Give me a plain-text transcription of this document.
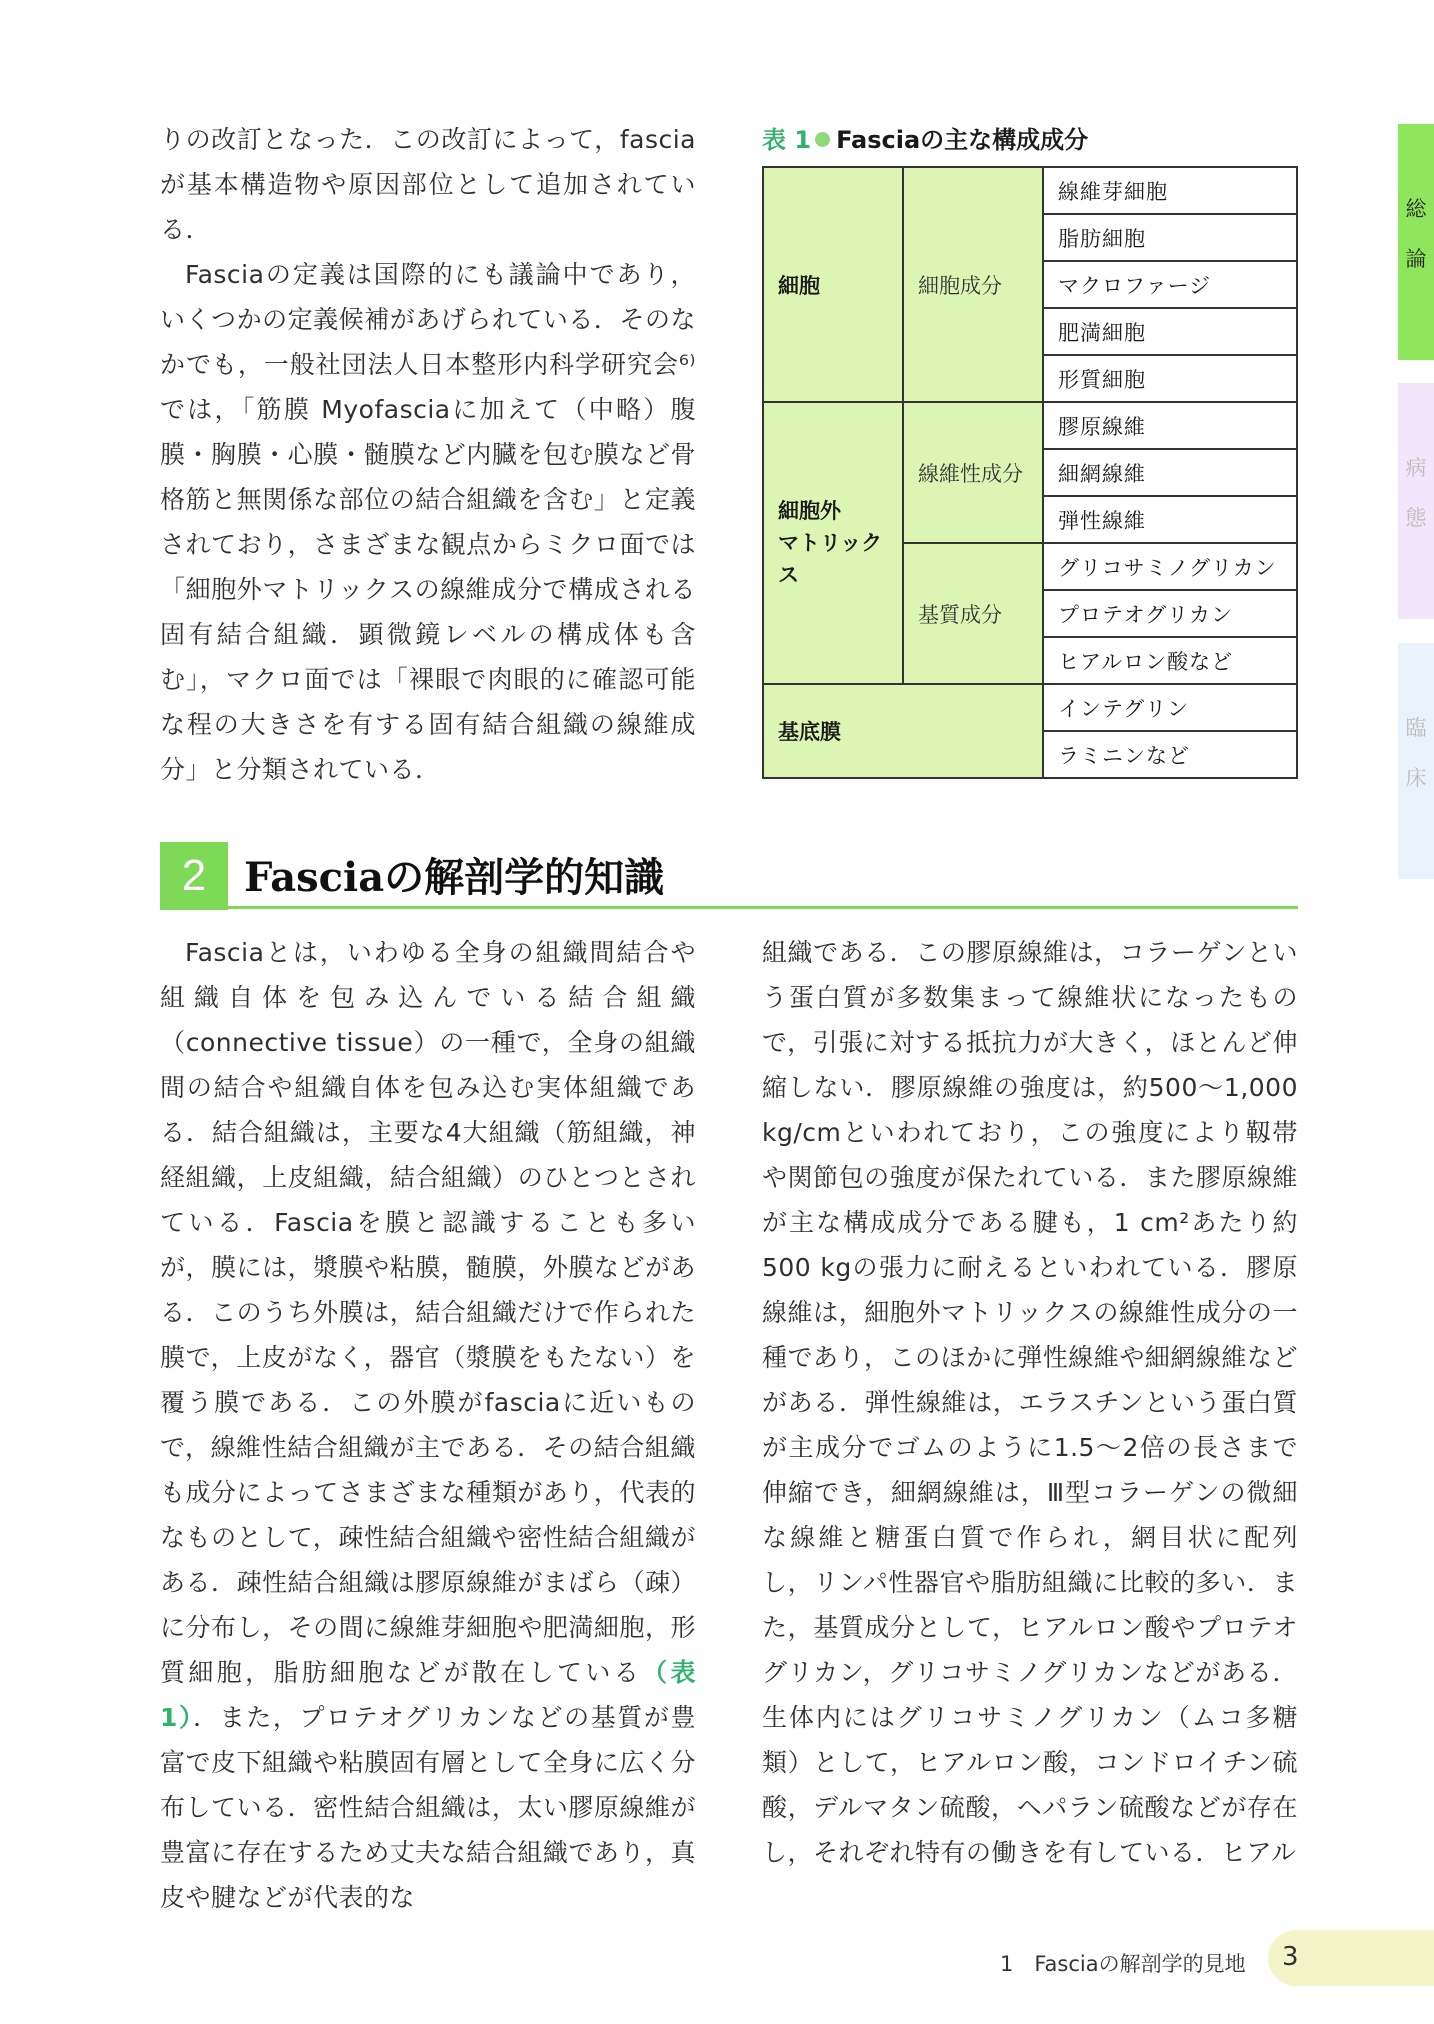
りの改訂となった．この改訂によって，fasciaが基本構造物や原因部位として追加されている．

Fasciaの定義は国際的にも議論中であり，いくつかの定義候補があげられている．そのなかでも，一般社団法人日本整形内科学研究会⁶⁾では，「筋膜 Myofasciaに加えて（中略）腹膜・胸膜・心膜・髄膜など内臓を包む膜など骨格筋と無関係な部位の結合組織を含む」と定義されており，さまざまな観点からミクロ面では「細胞外マトリックスの線維成分で構成される固有結合組織．顕微鏡レベルの構成体も含む」，マクロ面では「裸眼で肉眼的に確認可能な程の大きさを有する固有結合組織の線維成分」と分類されている．

表 1 Fasciaの主な構成成分
細胞	細胞成分	線維芽細胞
		脂肪細胞
		マクロファージ
		肥満細胞
		形質細胞
細胞外
マトリックス	線維性成分	膠原線維
		細網線維
		弾性線維
	基質成分	グリコサミノグリカン
		プロテオグリカン
		ヒアルロン酸など
基底膜		インテグリン
		ラミニンなど
2 Fasciaの解剖学的知識

Fasciaとは，いわゆる全身の組織間結合や組織自体を包み込んでいる結合組織（connective tissue）の一種で，全身の組織間の結合や組織自体を包み込む実体組織である．結合組織は，主要な4大組織（筋組織，神経組織，上皮組織，結合組織）のひとつとされている．Fasciaを膜と認識することも多いが，膜には，漿膜や粘膜，髄膜，外膜などがある．このうち外膜は，結合組織だけで作られた膜で，上皮がなく，器官（漿膜をもたない）を覆う膜である．この外膜がfasciaに近いもので，線維性結合組織が主である．その結合組織も成分によってさまざまな種類があり，代表的なものとして，疎性結合組織や密性結合組織がある．疎性結合組織は膠原線維がまばら（疎）に分布し，その間に線維芽細胞や肥満細胞，形質細胞，脂肪細胞などが散在している（表 1）．また，プロテオグリカンなどの基質が豊富で皮下組織や粘膜固有層として全身に広く分布している．密性結合組織は，太い膠原線維が豊富に存在するため丈夫な結合組織であり，真皮や腱などが代表的な

組織である．この膠原線維は，コラーゲンという蛋白質が多数集まって線維状になったもので，引張に対する抵抗力が大きく，ほとんど伸縮しない．膠原線維の強度は，約500〜1,000 kg/cmといわれており，この強度により靱帯や関節包の強度が保たれている．また膠原線維が主な構成成分である腱も，1 cm²あたり約500 kgの張力に耐えるといわれている．膠原線維は，細胞外マトリックスの線維性成分の一種であり，このほかに弾性線維や細網線維などがある．弾性線維は，エラスチンという蛋白質が主成分でゴムのように1.5〜2倍の長さまで伸縮でき，細網線維は，Ⅲ型コラーゲンの微細な線維と糖蛋白質で作られ，網目状に配列し，リンパ性器官や脂肪組織に比較的多い．また，基質成分として，ヒアルロン酸やプロテオグリカン，グリコサミノグリカンなどがある．生体内にはグリコサミノグリカン（ムコ多糖類）として，ヒアルロン酸，コンドロイチン硫酸，デルマタン硫酸，ヘパラン硫酸などが存在し，それぞれ特有の働きを有している．ヒアル

総
論
病
態
臨
床
1　Fasciaの解剖学的見地 3
